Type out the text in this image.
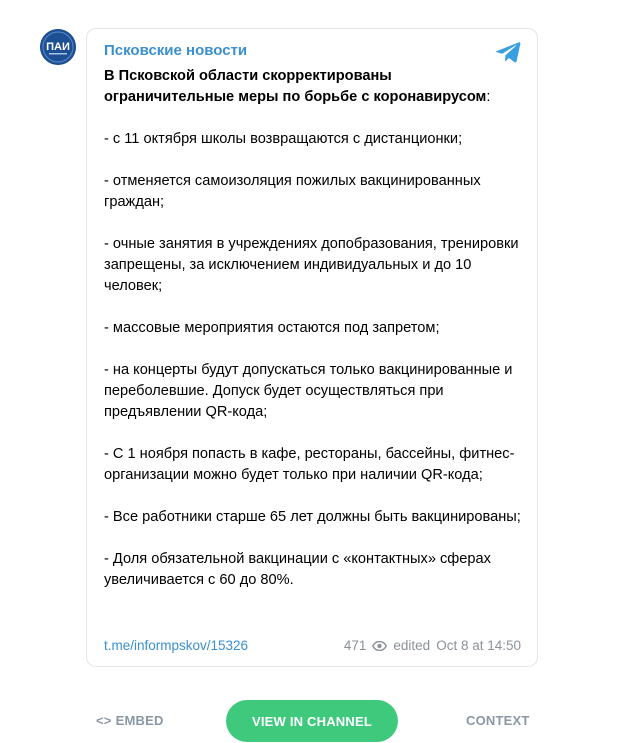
ПАИ Псковские новости

В Псковской области скорректированы ограничительные меры по борьбе с коронавирусом:

- с 11 октября школы возвращаются с дистанционки;

- отменяется самоизоляция пожилых вакцинированных граждан;

- очные занятия в учреждениях допобразования, тренировки запрещены, за исключением индивидуальных и до 10 человек;

- массовые мероприятия остаются под запретом;

- на концерты будут допускаться только вакцинированные и переболевшие. Допуск будет осуществляться при предъявлении QR-кода;

- С 1 ноября попасть в кафе, рестораны, бассейны, фитнес-организации можно будет только при наличии QR-кода;

- Все работники старше 65 лет должны быть вакцинированы;

- Доля обязательной вакцинации с «контактных» сферах увеличивается с 60 до 80%.

t.me/informpskov/15326	471 edited Oct 8 at 14:50
<> EMBED	VIEW IN CHANNEL	CONTEXT
